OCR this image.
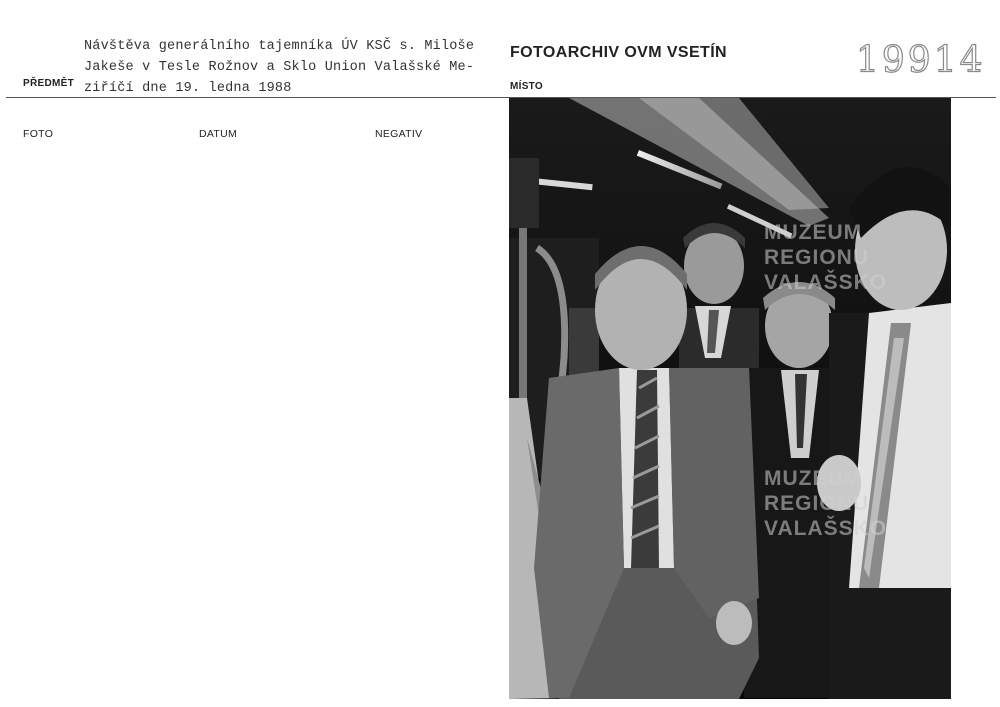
Návštěva generálního tajemníka ÚV KSČ s. Miloše
Jakeše v Tesle Rožnov a Sklo Union Valašské Me-
ziříčí dne 19. ledna 1988
PŘEDMĚT
FOTOARCHIV OVM VSETÍN
MÍSTO
19914
FOTO	DATUM	NEGATIV
MUZEUM
REGIONU
VALAŠSKO
MUZEUM
REGIONU
VALAŠSKO
